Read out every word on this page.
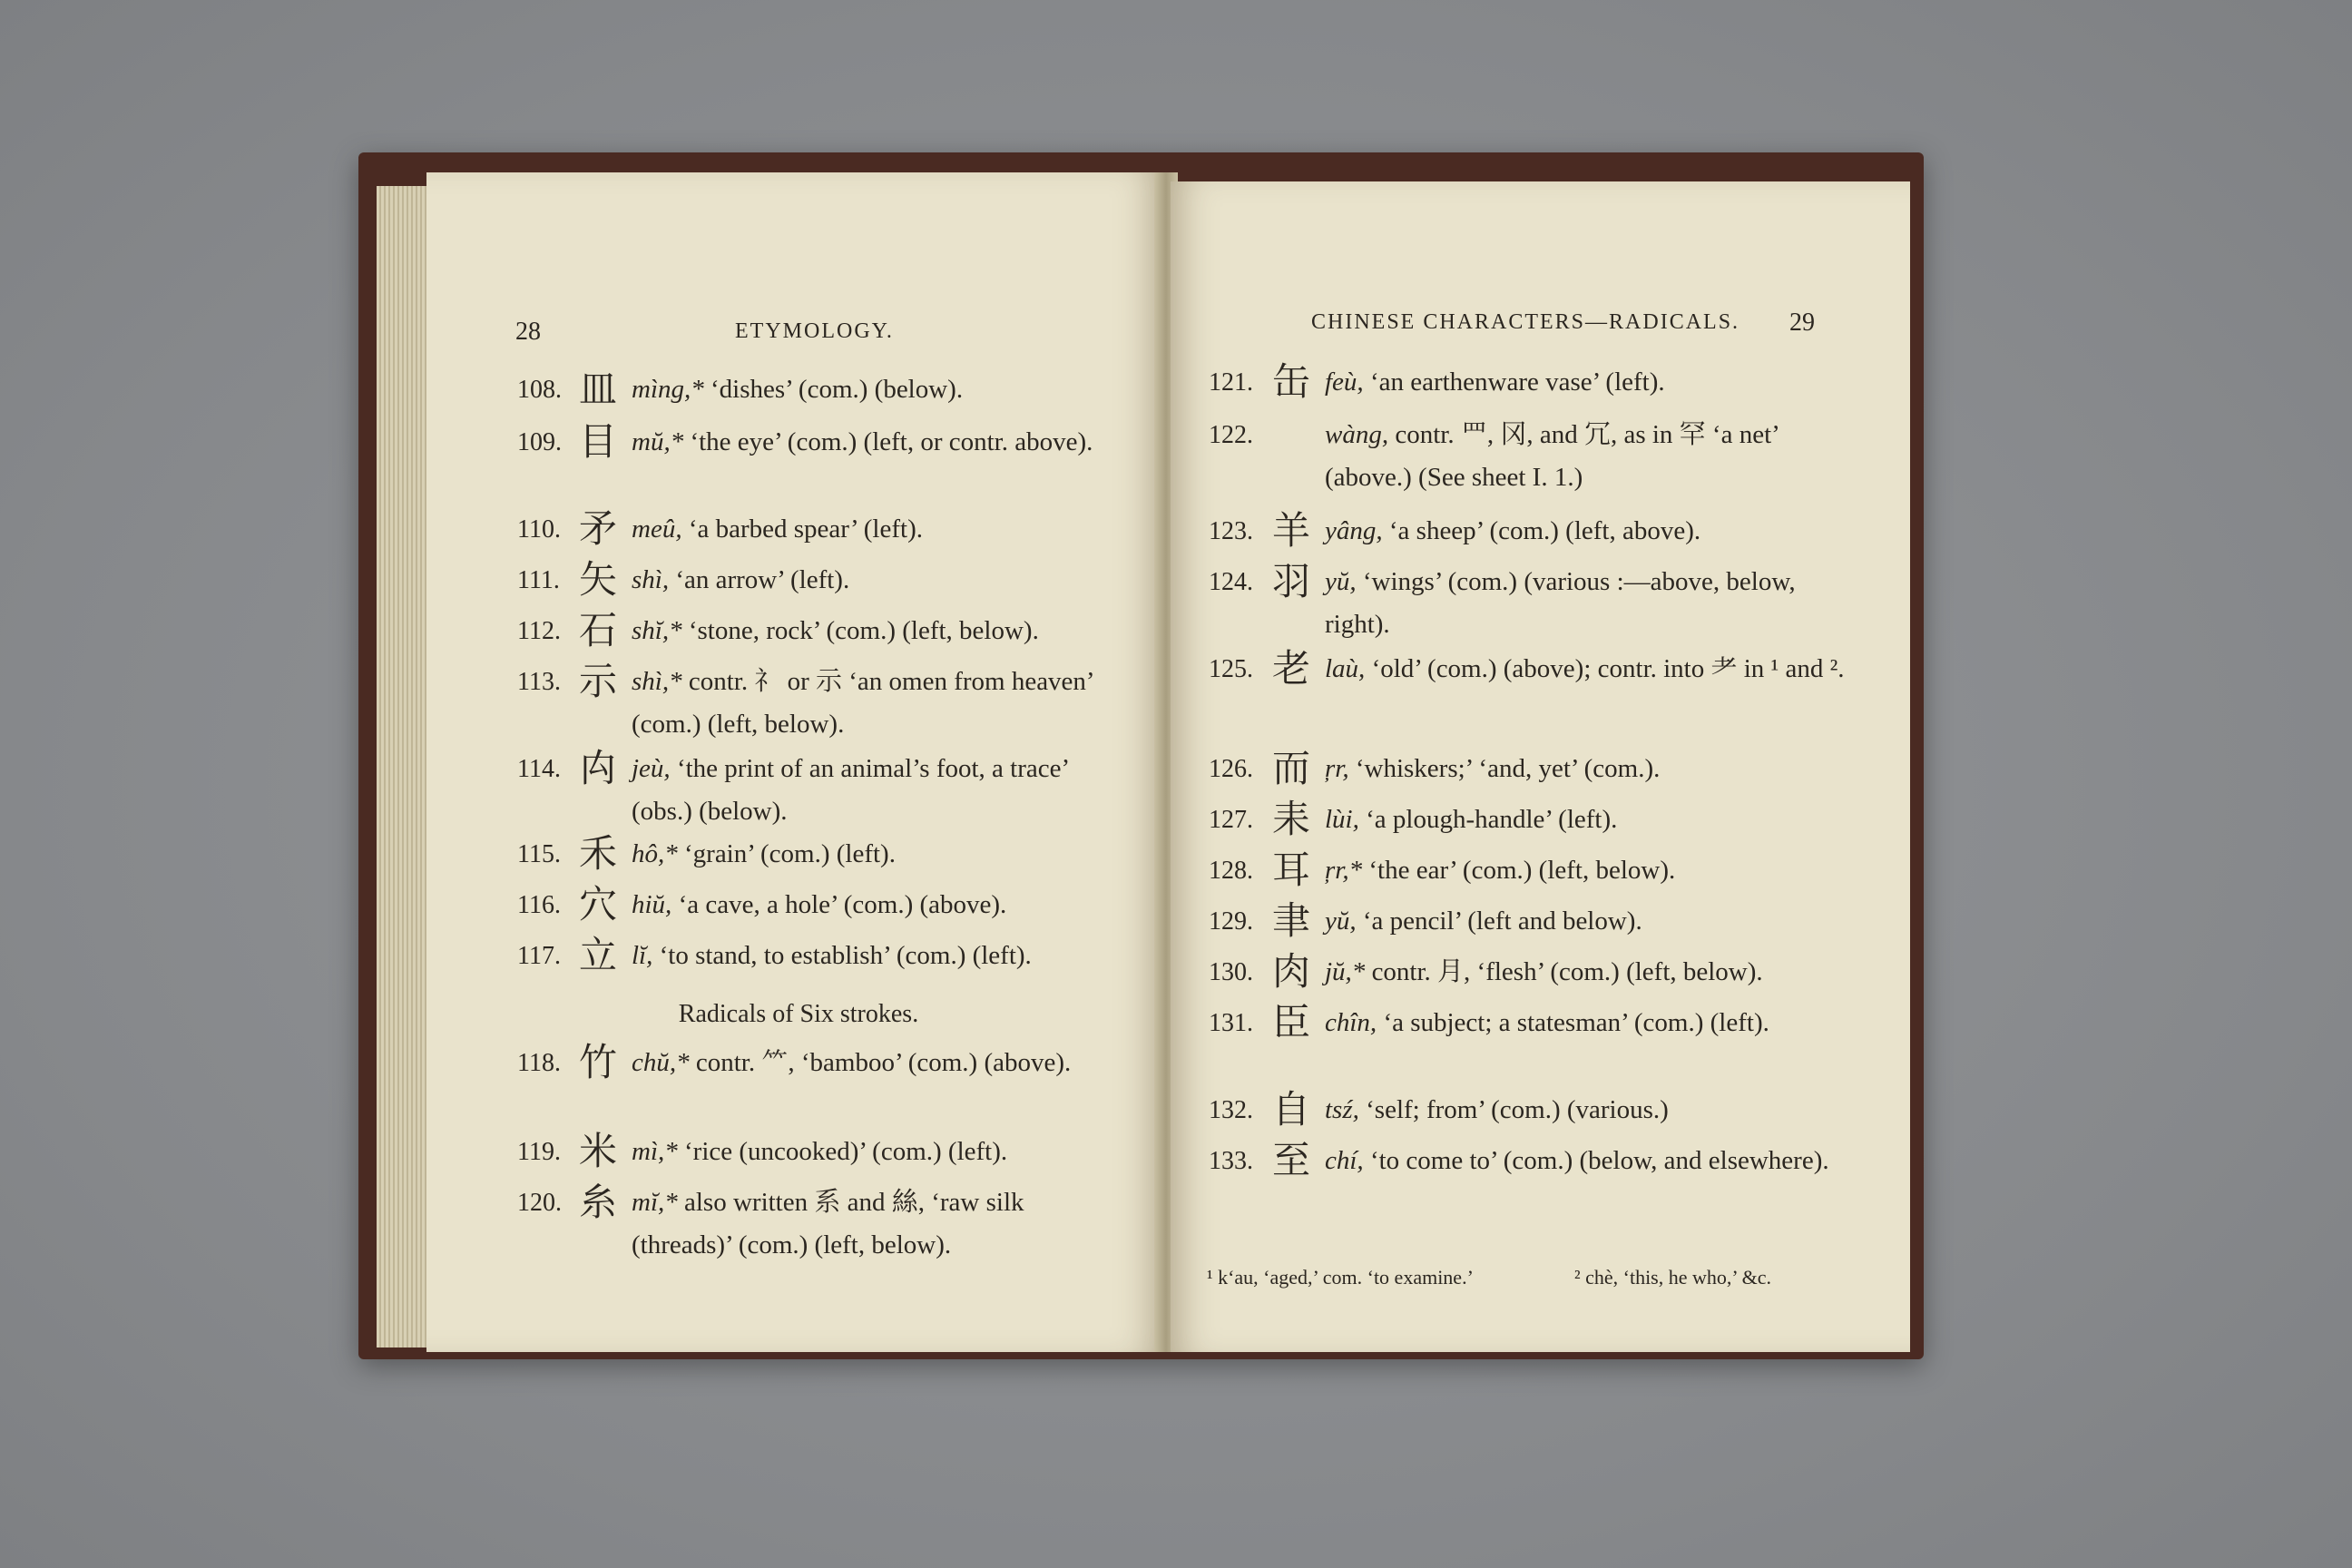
28	ETYMOLOGY.
108. 皿 mìng,* ‘dishes’ (com.) (below).
109. 目 mŭ,* ‘the eye’ (com.) (left, or contr. above).
110. 矛 meû, ‘a barbed spear’ (left).
111. 矢 shì, ‘an arrow’ (left).
112. 石 shĭ,* ‘stone, rock’ (com.) (left, below).
113. 示 shì,* contr. 礻 or 示 ‘an omen from heaven’ (com.) (left, below).
114. 禸 jeù, ‘the print of an animal’s foot, a trace’ (obs.) (below).
115. 禾 hô,* ‘grain’ (com.) (left).
116. 穴 hiŭ, ‘a cave, a hole’ (com.) (above).
117. 立 lĭ, ‘to stand, to establish’ (com.) (left).
Radicals of Six strokes.
118. 竹 chŭ,* contr. ⺮, ‘bamboo’ (com.) (above).
119. 米 mì,* ‘rice (uncooked)’ (com.) (left).
120. 糸 mĭ,* also written 系 and 絲, ‘raw silk (threads)’ (com.) (left, below).
CHINESE CHARACTERS—RADICALS. 29
121. 缶 feù, ‘an earthenware vase’ (left).
122.	wàng, contr. 罒, 冈, and 冗, as in 罕 ‘a net’ (above.) (See sheet I. 1.)
123. 羊 yâng, ‘a sheep’ (com.) (left, above).
124. 羽 yŭ, ‘wings’ (com.) (various :—above, below, right).
125. 老 laù, ‘old’ (com.) (above); contr. into 耂 in ¹ and ².
126. 而 ŗr, ‘whiskers;’ ‘and, yet’ (com.).
127. 耒 lùi, ‘a plough-handle’ (left).
128. 耳 ŗr,* ‘the ear’ (com.) (left, below).
129. 聿 yŭ, ‘a pencil’ (left and below).
130. 肉 jŭ,* contr. 月, ‘flesh’ (com.) (left, below).
131. 臣 chîn, ‘a subject; a statesman’ (com.) (left).
132. 自 tsź, ‘self; from’ (com.) (various.)
133. 至 chí, ‘to come to’ (com.) (below, and elsewhere).
¹ k‘au, ‘aged,’ com. ‘to examine.’	² chè, ‘this, he who,’ &c.
